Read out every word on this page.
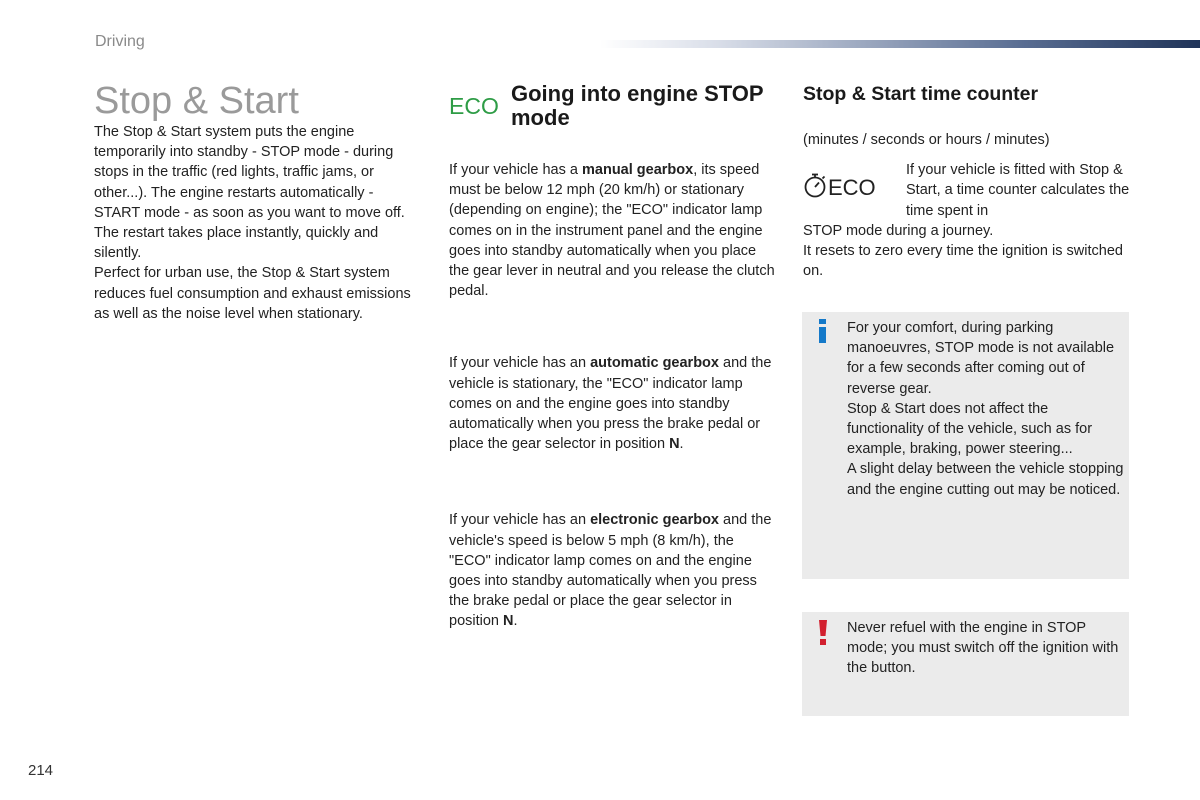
Driving
Stop & Start

The Stop & Start system puts the engine temporarily into standby - STOP mode - during stops in the traffic (red lights, traffic jams, or other...). The engine restarts automatically - START mode - as soon as you want to move off. The restart takes place instantly, quickly and silently.

Perfect for urban use, the Stop & Start system reduces fuel consumption and exhaust emissions as well as the noise level when stationary.

ECO Going into engine STOP mode

If your vehicle has a manual gearbox, its speed must be below 12 mph (20 km/h) or stationary (depending on engine); the "ECO" indicator lamp comes on in the instrument panel and the engine goes into standby automatically when you place the gear lever in neutral and you release the clutch pedal.

If your vehicle has an automatic gearbox and the vehicle is stationary, the "ECO" indicator lamp comes on and the engine goes into standby automatically when you press the brake pedal or place the gear selector in position N.

If your vehicle has an electronic gearbox and the vehicle's speed is below 5 mph (8 km/h), the "ECO" indicator lamp comes on and the engine goes into standby automatically when you press the brake pedal or place the gear selector in position N.

Stop & Start time counter

(minutes / seconds or hours / minutes)

ECO

If your vehicle is fitted with Stop & Start, a time counter calculates the time spent in

STOP mode during a journey.

It resets to zero every time the ignition is switched on.

For your comfort, during parking manoeuvres, STOP mode is not available for a few seconds after coming out of reverse gear.
Stop & Start does not affect the functionality of the vehicle, such as for example, braking, power steering...
A slight delay between the vehicle stopping and the engine cutting out may be noticed.

Never refuel with the engine in STOP mode; you must switch off the ignition with the button.

214
